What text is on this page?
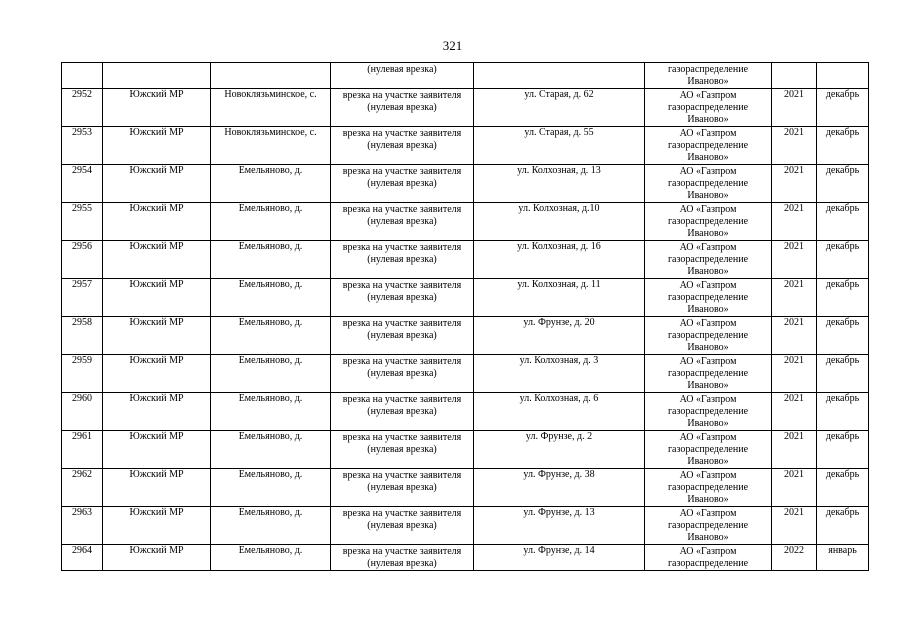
321

			(нулевая врезка)		газораспределение
Иваново»		

2952	Южский МР	Новоклязьминское, с.	врезка на участке заявителя
(нулевая врезка)	ул. Старая, д. 62	АО «Газпром
газораспределение
Иваново»	2021	декабрь
2953	Южский МР	Новоклязьминское, с.	врезка на участке заявителя
(нулевая врезка)	ул. Старая, д. 55	АО «Газпром
газораспределение
Иваново»	2021	декабрь
2954	Южский МР	Емельяново, д.	врезка на участке заявителя
(нулевая врезка)	ул. Колхозная, д. 13	АО «Газпром
газораспределение
Иваново»	2021	декабрь
2955	Южский МР	Емельяново, д.	врезка на участке заявителя
(нулевая врезка)	ул. Колхозная, д.10	АО «Газпром
газораспределение
Иваново»	2021	декабрь
2956	Южский МР	Емельяново, д.	врезка на участке заявителя
(нулевая врезка)	ул. Колхозная, д. 16	АО «Газпром
газораспределение
Иваново»	2021	декабрь
2957	Южский МР	Емельяново, д.	врезка на участке заявителя
(нулевая врезка)	ул. Колхозная, д. 11	АО «Газпром
газораспределение
Иваново»	2021	декабрь
2958	Южский МР	Емельяново, д.	врезка на участке заявителя
(нулевая врезка)	ул. Фрунзе, д. 20	АО «Газпром
газораспределение
Иваново»	2021	декабрь
2959	Южский МР	Емельяново, д.	врезка на участке заявителя
(нулевая врезка)	ул. Колхозная, д. 3	АО «Газпром
газораспределение
Иваново»	2021	декабрь
2960	Южский МР	Емельяново, д.	врезка на участке заявителя
(нулевая врезка)	ул. Колхозная, д. 6	АО «Газпром
газораспределение
Иваново»	2021	декабрь
2961	Южский МР	Емельяново, д.	врезка на участке заявителя
(нулевая врезка)	ул. Фрунзе, д. 2	АО «Газпром
газораспределение
Иваново»	2021	декабрь
2962	Южский МР	Емельяново, д.	врезка на участке заявителя
(нулевая врезка)	ул. Фрунзе, д. 38	АО «Газпром
газораспределение
Иваново»	2021	декабрь
2963	Южский МР	Емельяново, д.	врезка на участке заявителя
(нулевая врезка)	ул. Фрунзе, д. 13	АО «Газпром
газораспределение
Иваново»	2021	декабрь
2964	Южский МР	Емельяново, д.	врезка на участке заявителя
(нулевая врезка)	ул. Фрунзе, д. 14	АО «Газпром
газораспределение	2022	январь
